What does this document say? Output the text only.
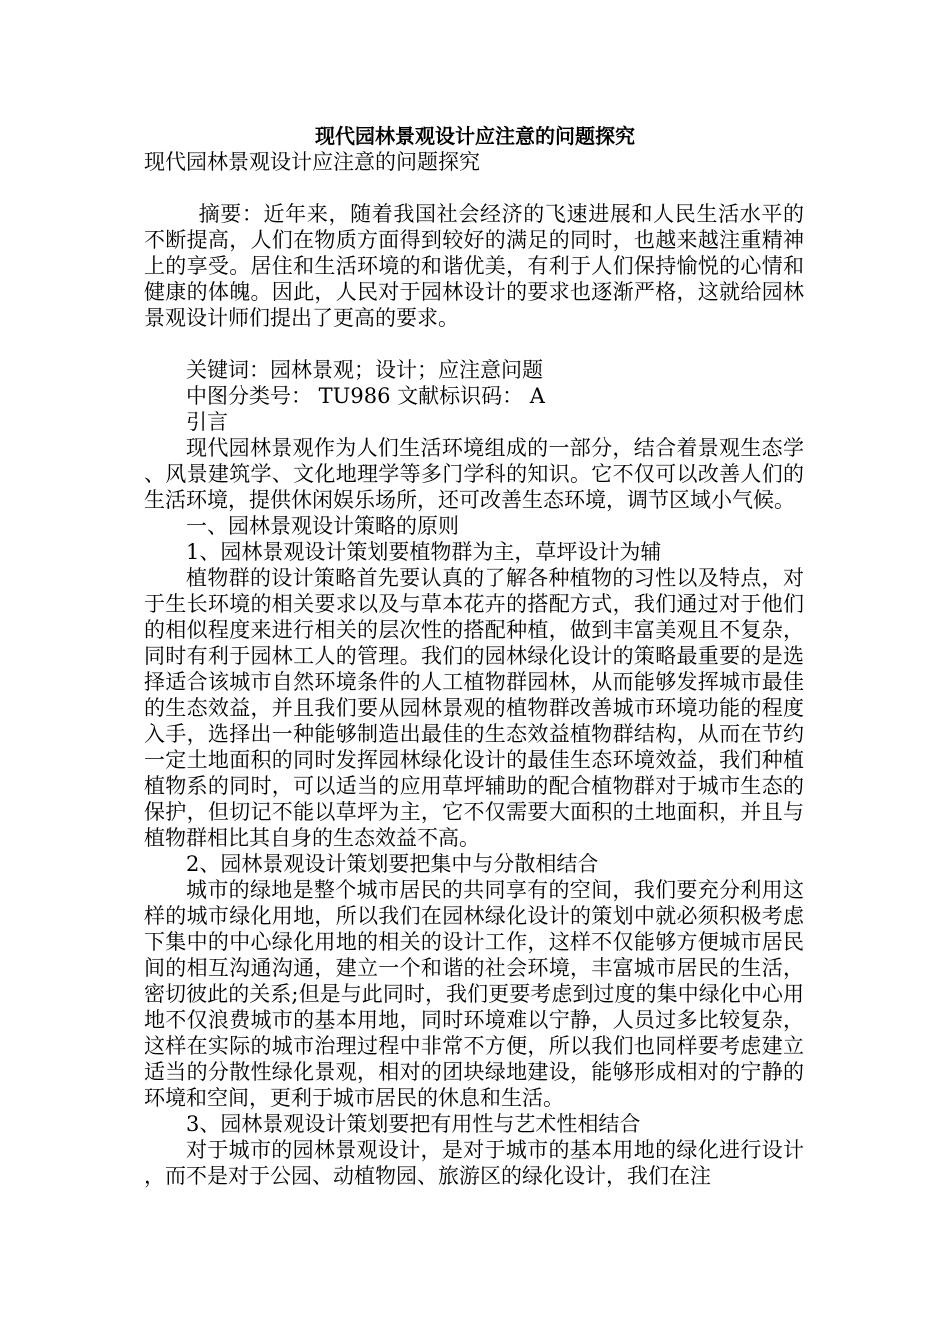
现代园林景观设计应注意的问题探究

现代园林景观设计应注意的问题探究

摘要：近年来，随着我国社会经济的飞速进展和人民生活水平的不断提高，人们在物质方面得到较好的满足的同时，也越来越注重精神上的享受。居住和生活环境的和谐优美，有利于人们保持愉悦的心情和健康的体魄。因此，人民对于园林设计的要求也逐渐严格，这就给园林景观设计师们提出了更高的要求。

关键词：园林景观；设计；应注意问题

中图分类号： TU986 文献标识码： A

引言

现代园林景观作为人们生活环境组成的一部分，结合着景观生态学、风景建筑学、文化地理学等多门学科的知识。它不仅可以改善人们的生活环境，提供休闲娱乐场所，还可改善生态环境，调节区域小气候。

一、园林景观设计策略的原则

1、园林景观设计策划要植物群为主，草坪设计为辅

植物群的设计策略首先要认真的了解各种植物的习性以及特点，对于生长环境的相关要求以及与草本花卉的搭配方式，我们通过对于他们的相似程度来进行相关的层次性的搭配种植，做到丰富美观且不复杂，同时有利于园林工人的管理。我们的园林绿化设计的策略最重要的是选择适合该城市自然环境条件的人工植物群园林，从而能够发挥城市最佳的生态效益，并且我们要从园林景观的植物群改善城市环境功能的程度入手，选择出一种能够制造出最佳的生态效益植物群结构，从而在节约一定土地面积的同时发挥园林绿化设计的最佳生态环境效益，我们种植植物系的同时，可以适当的应用草坪辅助的配合植物群对于城市生态的保护，但切记不能以草坪为主，它不仅需要大面积的土地面积，并且与植物群相比其自身的生态效益不高。

2、园林景观设计策划要把集中与分散相结合

城市的绿地是整个城市居民的共同享有的空间，我们要充分利用这样的城市绿化用地，所以我们在园林绿化设计的策划中就必须积极考虑下集中的中心绿化用地的相关的设计工作，这样不仅能够方便城市居民间的相互沟通沟通，建立一个和谐的社会环境，丰富城市居民的生活，密切彼此的关系;但是与此同时，我们更要考虑到过度的集中绿化中心用地不仅浪费城市的基本用地，同时环境难以宁静，人员过多比较复杂，这样在实际的城市治理过程中非常不方便，所以我们也同样要考虑建立适当的分散性绿化景观，相对的团块绿地建设，能够形成相对的宁静的环境和空间，更利于城市居民的休息和生活。

3、园林景观设计策划要把有用性与艺术性相结合

对于城市的园林景观设计，是对于城市的基本用地的绿化进行设计，而不是对于公园、动植物园、旅游区的绿化设计，我们在注
